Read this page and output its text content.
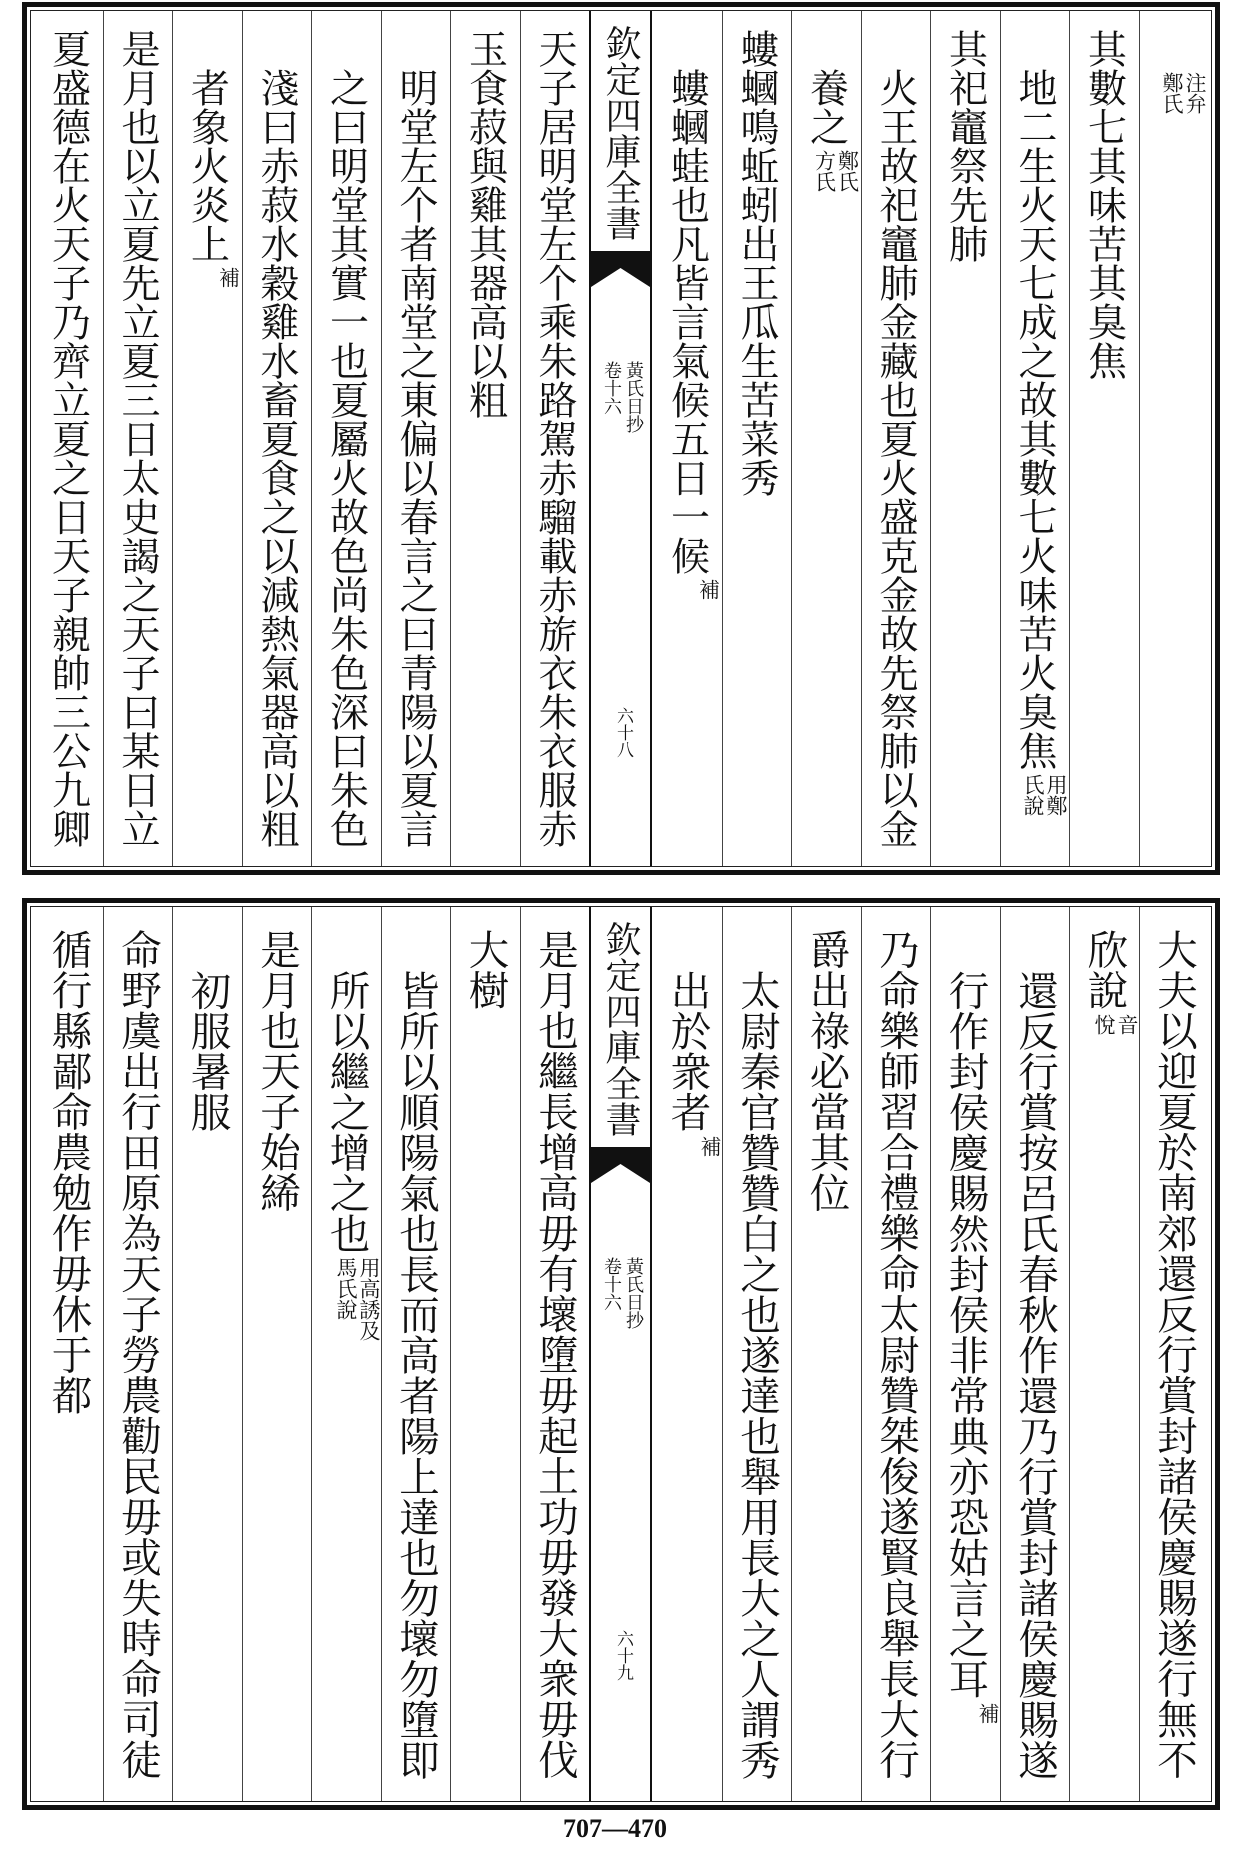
注弁
鄭氏
其數七其味苦其臭焦
地二生火天七成之故其數七火味苦火臭焦
用鄭
氏說
其祀竈祭先肺
火王故祀竈肺金藏也夏火盛克金故先祭肺以金
養之
鄭氏
方氏
螻蟈鳴蚯蚓出王瓜生苦菜秀
螻蟈蛙也凡皆言氣候五日一候
補
欽定四庫全書
黃氏日抄
卷十六
六十八
天子居明堂左个乘朱路駕赤騮載赤旂衣朱衣服赤
玉食菽與雞其器高以粗
明堂左个者南堂之東偏以春言之曰青陽以夏言
之曰明堂其實一也夏屬火故色尚朱色深曰朱色
淺曰赤菽水穀雞水畜夏食之以減熱氣器高以粗
者象火炎上
補
是月也以立夏先立夏三日太史謁之天子曰某日立
夏盛德在火天子乃齊立夏之日天子親帥三公九卿
大夫以迎夏於南郊還反行賞封諸侯慶賜遂行無不
欣說
音
悅
還反行賞按呂氏春秋作還乃行賞封諸侯慶賜遂
行作封侯慶賜然封侯非常典亦恐姑言之耳
補
乃命樂師習合禮樂命太尉贊桀俊遂賢良舉長大行
爵出祿必當其位
太尉秦官贊贊白之也遂達也舉用長大之人謂秀
出於衆者
補
欽定四庫全書
黃氏日抄
卷十六
六十九
是月也繼長增高毋有壞墮毋起土功毋發大衆毋伐
大樹
皆所以順陽氣也長而高者陽上達也勿壞勿墮即
所以繼之增之也
用高誘及
馬氏說
是月也天子始絺
初服暑服
命野虞出行田原為天子勞農勸民毋或失時命司徒
循行縣鄙命農勉作毋休于都
707—470
